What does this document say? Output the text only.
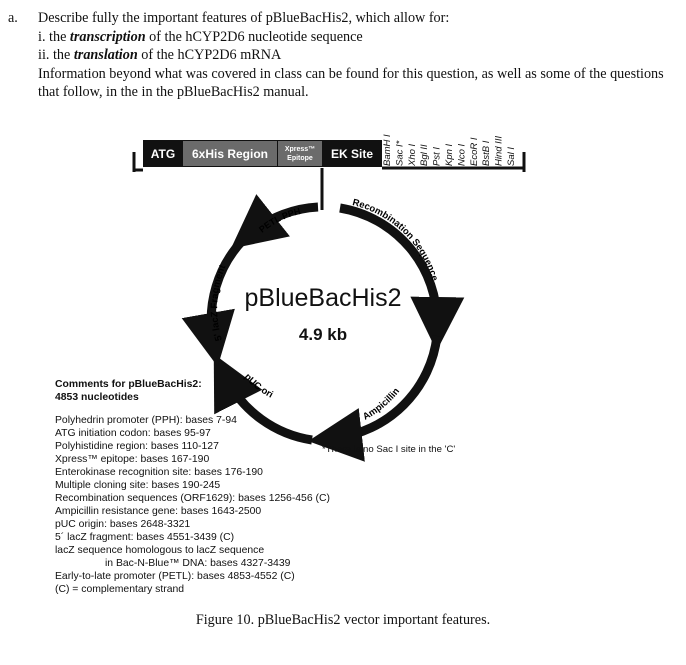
a. Describe fully the important features of pBlueBacHis2, which allow for:
i. the transcription of the hCYP2D6 nucleotide sequence
ii. the translation of the hCYP2D6 mRNA
Information beyond what was covered in class can be found for this question, as well as some of the questions that follow, in the in the pBlueBacHis2 manual.
ATG 6xHis Region Xpress™
Epitope EK Site BamH I Sac I* Xho I Bgl II Pst I Kpn I Nco I EcoR I BstB I Hind III Sal I
PETL PPH
Recombination Sequence
Ampicillin
pUC ori
5' lacZ Fragment
pBlueBacHis2
4.9 kb
Comments for pBlueBacHis2:
4853 nucleotides
Polyhedrin promoter (PPH): bases 7-94
ATG initiation codon: bases 95-97
Polyhistidine region: bases 110-127
Xpress™ epitope: bases 167-190
Enterokinase recognition site: bases 176-190
Multiple cloning site: bases 190-245
Recombination sequences (ORF1629): bases 1256-456 (C)
Ampicillin resistance gene: bases 1643-2500
pUC origin: bases 2648-3321
5´ lacZ fragment: bases 4551-3439 (C)
lacZ sequence homologous to lacZ sequence
in Bac-N-Blue™ DNA: bases 4327-3439
Early-to-late promoter (PETL): bases 4853-4552 (C)
(C) = complementary strand
*There is no Sac I site in the 'C'
Figure 10. pBlueBacHis2 vector important features.
